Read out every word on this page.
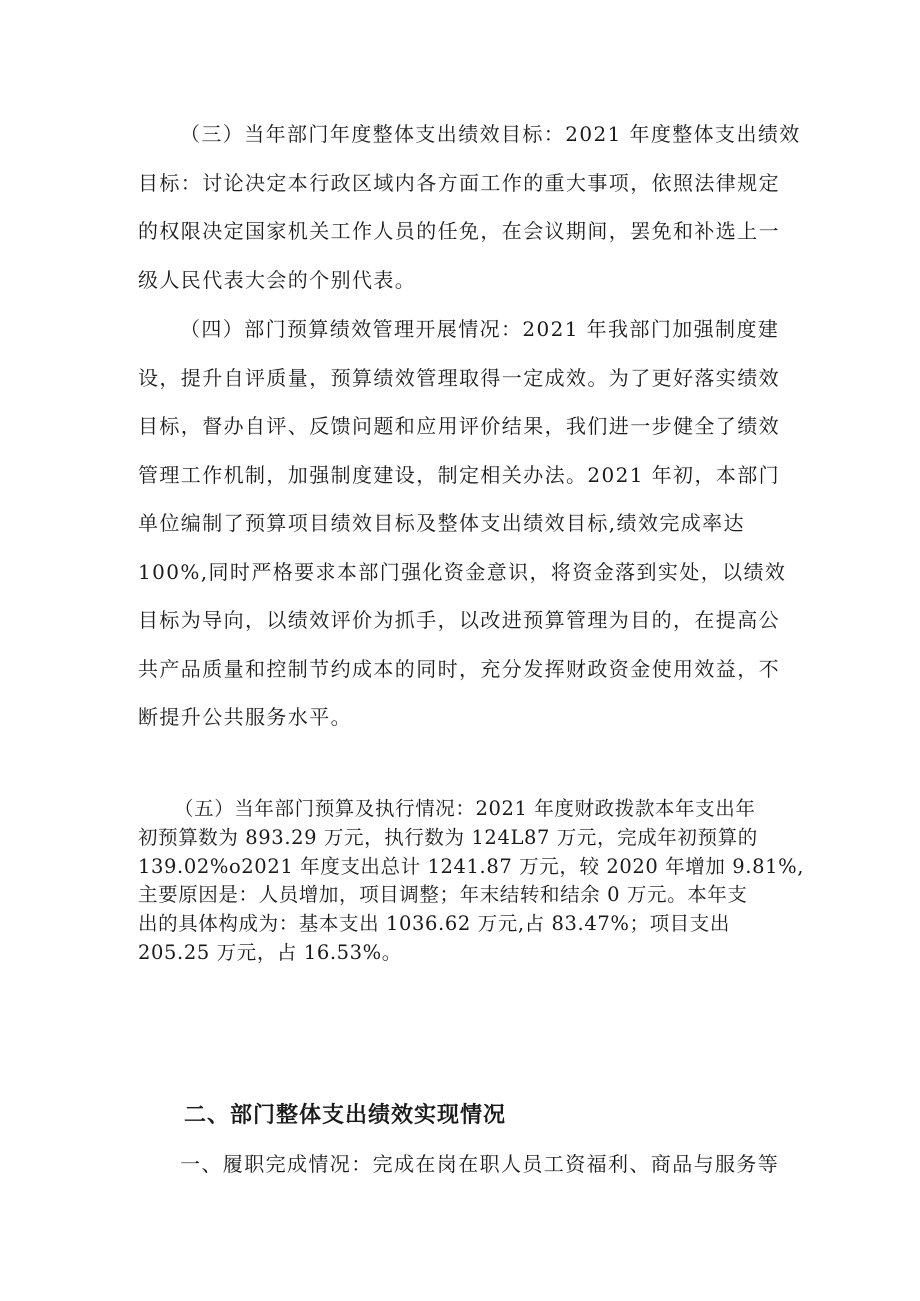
（三）当年部门年度整体支出绩效目标：2021 年度整体支出绩效
目标：讨论决定本行政区域内各方面工作的重大事项，依照法律规定
的权限决定国家机关工作人员的任免，在会议期间，罢免和补选上一
级人民代表大会的个别代表。
（四）部门预算绩效管理开展情况：2021 年我部门加强制度建
设，提升自评质量，预算绩效管理取得一定成效。为了更好落实绩效
目标，督办自评、反馈问题和应用评价结果，我们进一步健全了绩效
管理工作机制，加强制度建设，制定相关办法。2021 年初，本部门
单位编制了预算项目绩效目标及整体支出绩效目标,绩效完成率达
100%,同时严格要求本部门强化资金意识，将资金落到实处，以绩效
目标为导向，以绩效评价为抓手，以改进预算管理为目的，在提高公
共产品质量和控制节约成本的同时，充分发挥财政资金使用效益，不
断提升公共服务水平。
（五）当年部门预算及执行情况：2021 年度财政拨款本年支出年
初预算数为 893.29 万元，执行数为 124L87 万元，完成年初预算的
139.02%o2021 年度支出总计 1241.87 万元，较 2020 年增加 9.81%,
主要原因是：人员增加，项目调整；年末结转和结余 0 万元。本年支
出的具体构成为：基本支出 1036.62 万元,占 83.47%；项目支出
205.25 万元，占 16.53%。
二、部门整体支出绩效实现情况
一、履职完成情况：完成在岗在职人员工资福利、商品与服务等
